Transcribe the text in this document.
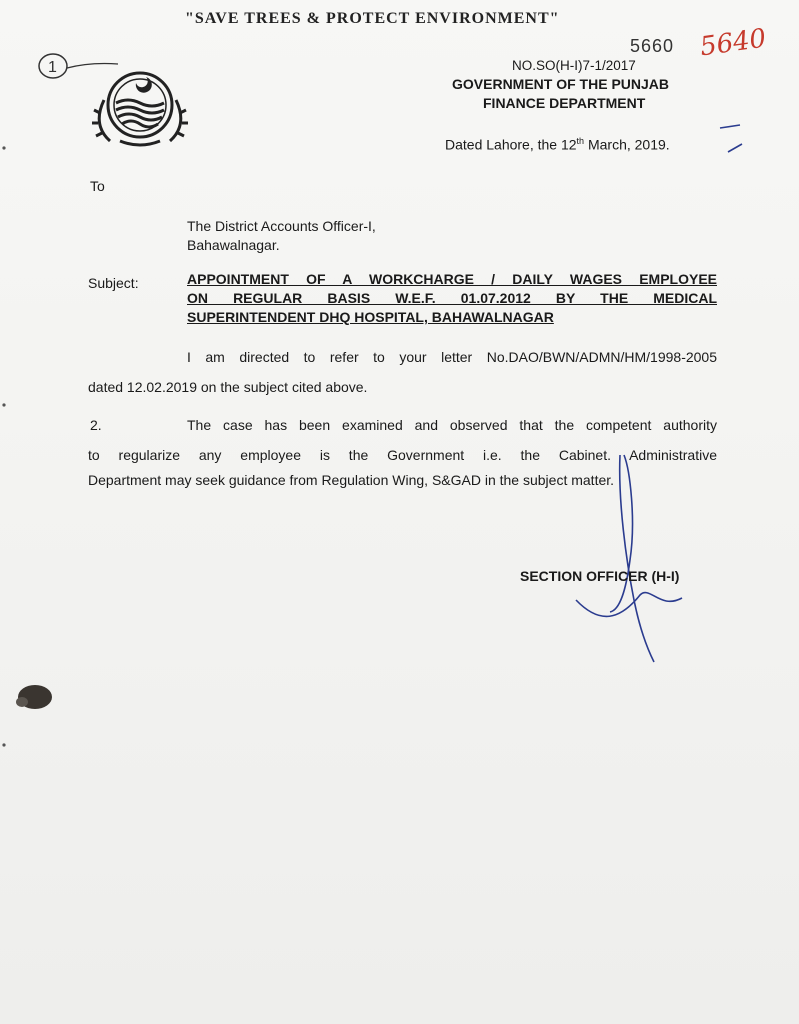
"SAVE TREES & PROTECT ENVIRONMENT"
5660 5640
1	NO.SO(H-I)7-1/2017
GOVERNMENT OF THE PUNJAB
FINANCE DEPARTMENT
Dated Lahore, the 12th March, 2019.
To
The District Accounts Officer-I,
Bahawalnagar.
Subject:	APPOINTMENT OF A WORKCHARGE / DAILY WAGES EMPLOYEE
ON REGULAR BASIS W.E.F. 01.07.2012 BY THE MEDICAL
SUPERINTENDENT DHQ HOSPITAL, BAHAWALNAGAR
I am directed to refer to your letter No.DAO/BWN/ADMN/HM/1998-2005
dated 12.02.2019 on the subject cited above.
2.	The case has been examined and observed that the competent authority
to regularize any employee is the Government i.e. the Cabinet. Administrative
Department may seek guidance from Regulation Wing, S&GAD in the subject matter.
SECTION OFFICER (H-I)
